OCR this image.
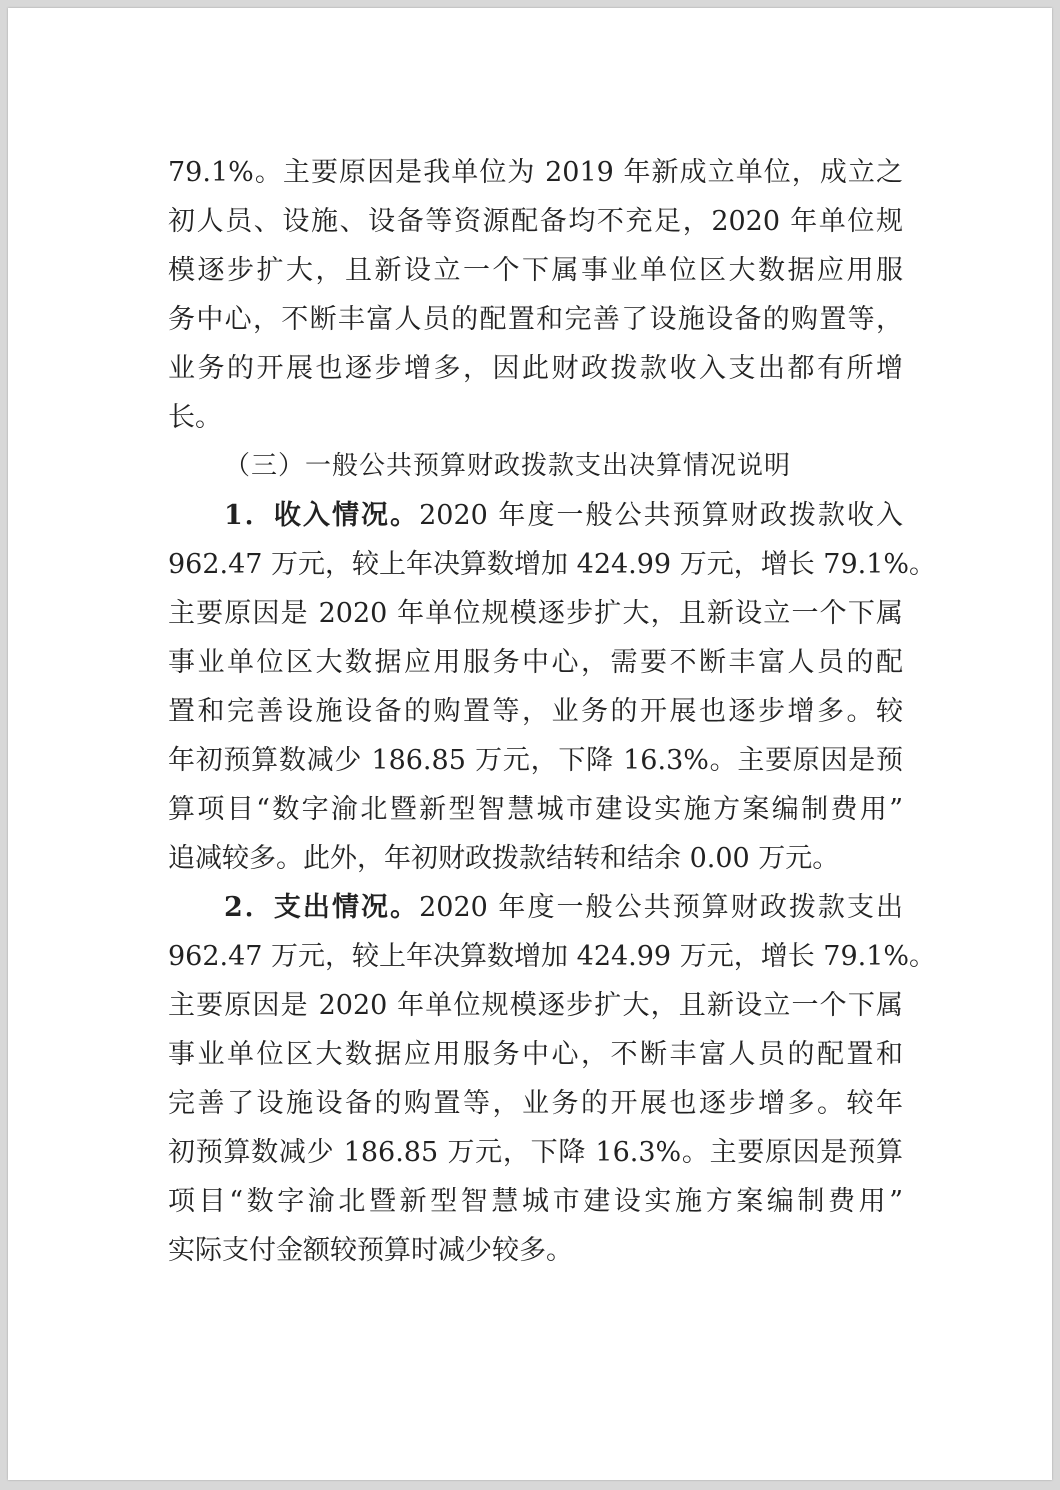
79.1%。主要原因是我单位为 2019 年新成立单位，成立之
初人员、设施、设备等资源配备均不充足，2020 年单位规
模逐步扩大，且新设立一个下属事业单位区大数据应用服
务中心，不断丰富人员的配置和完善了设施设备的购置等，
业务的开展也逐步增多，因此财政拨款收入支出都有所增
长。
（三）一般公共预算财政拨款支出决算情况说明
1．收入情况。2020 年度一般公共预算财政拨款收入
962.47 万元，较上年决算数增加 424.99 万元，增长 79.1%。
主要原因是 2020 年单位规模逐步扩大，且新设立一个下属
事业单位区大数据应用服务中心，需要不断丰富人员的配
置和完善设施设备的购置等，业务的开展也逐步增多。较
年初预算数减少 186.85 万元，下降 16.3%。主要原因是预
算项目“数字渝北暨新型智慧城市建设实施方案编制费用”
追减较多。此外，年初财政拨款结转和结余 0.00 万元。
2．支出情况。2020 年度一般公共预算财政拨款支出
962.47 万元，较上年决算数增加 424.99 万元，增长 79.1%。
主要原因是 2020 年单位规模逐步扩大，且新设立一个下属
事业单位区大数据应用服务中心，不断丰富人员的配置和
完善了设施设备的购置等，业务的开展也逐步增多。较年
初预算数减少 186.85 万元，下降 16.3%。主要原因是预算
项目“数字渝北暨新型智慧城市建设实施方案编制费用”
实际支付金额较预算时减少较多。
